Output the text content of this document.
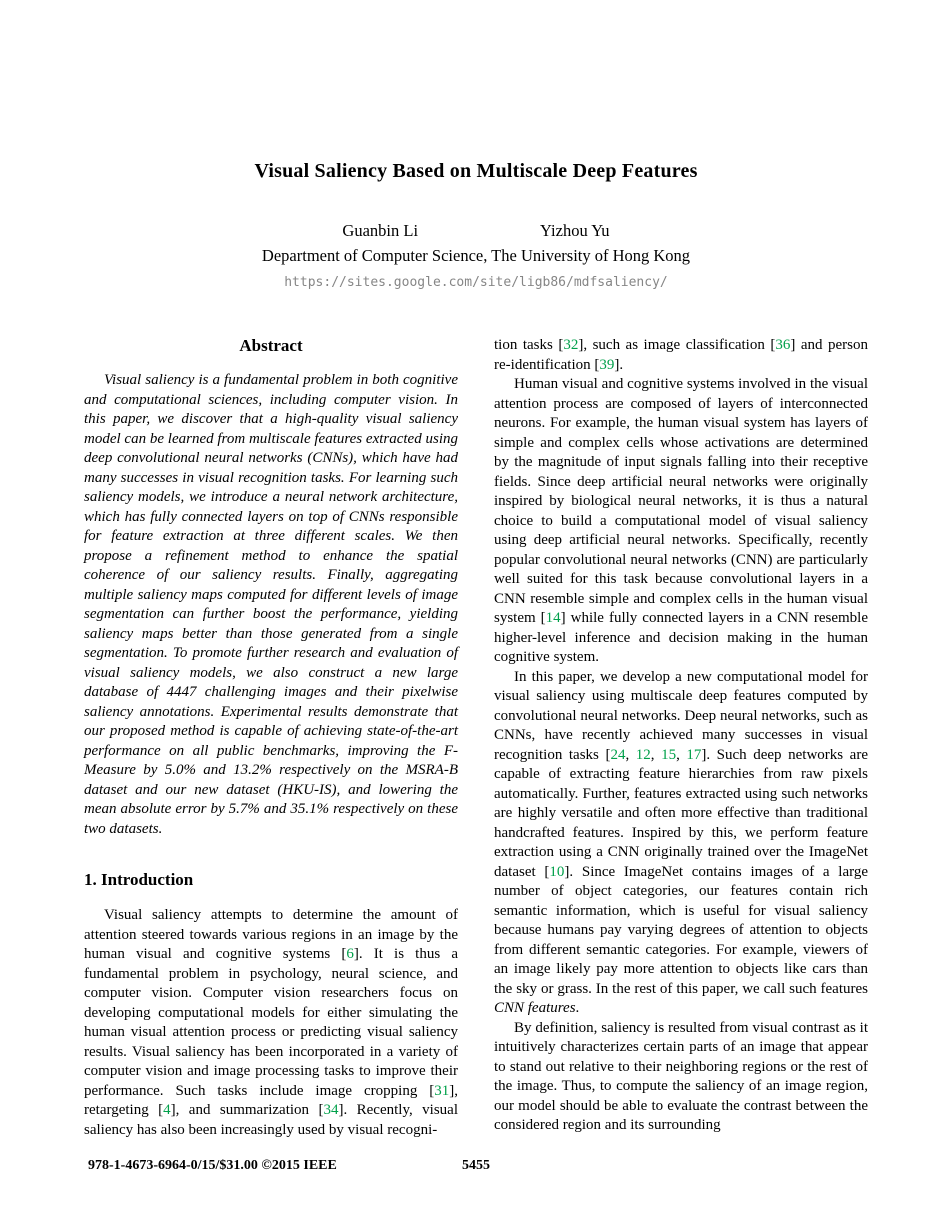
Visual Saliency Based on Multiscale Deep Features
Guanbin Li	Yizhou Yu
Department of Computer Science, The University of Hong Kong
https://sites.google.com/site/ligb86/mdfsaliency/
Abstract

Visual saliency is a fundamental problem in both cognitive and computational sciences, including computer vision. In this paper, we discover that a high-quality visual saliency model can be learned from multiscale features extracted using deep convolutional neural networks (CNNs), which have had many successes in visual recognition tasks. For learning such saliency models, we introduce a neural network architecture, which has fully connected layers on top of CNNs responsible for feature extraction at three different scales. We then propose a refinement method to enhance the spatial coherence of our saliency results. Finally, aggregating multiple saliency maps computed for different levels of image segmentation can further boost the performance, yielding saliency maps better than those generated from a single segmentation. To promote further research and evaluation of visual saliency models, we also construct a new large database of 4447 challenging images and their pixelwise saliency annotations. Experimental results demonstrate that our proposed method is capable of achieving state-of-the-art performance on all public benchmarks, improving the F-Measure by 5.0% and 13.2% respectively on the MSRA-B dataset and our new dataset (HKU-IS), and lowering the mean absolute error by 5.7% and 35.1% respectively on these two datasets.

1. Introduction

Visual saliency attempts to determine the amount of attention steered towards various regions in an image by the human visual and cognitive systems [6]. It is thus a fundamental problem in psychology, neural science, and computer vision. Computer vision researchers focus on developing computational models for either simulating the human visual attention process or predicting visual saliency results. Visual saliency has been incorporated in a variety of computer vision and image processing tasks to improve their performance. Such tasks include image cropping [31], retargeting [4], and summarization [34]. Recently, visual saliency has also been increasingly used by visual recogni-

tion tasks [32], such as image classification [36] and person re-identification [39].

Human visual and cognitive systems involved in the visual attention process are composed of layers of interconnected neurons. For example, the human visual system has layers of simple and complex cells whose activations are determined by the magnitude of input signals falling into their receptive fields. Since deep artificial neural networks were originally inspired by biological neural networks, it is thus a natural choice to build a computational model of visual saliency using deep artificial neural networks. Specifically, recently popular convolutional neural networks (CNN) are particularly well suited for this task because convolutional layers in a CNN resemble simple and complex cells in the human visual system [14] while fully connected layers in a CNN resemble higher-level inference and decision making in the human cognitive system.

In this paper, we develop a new computational model for visual saliency using multiscale deep features computed by convolutional neural networks. Deep neural networks, such as CNNs, have recently achieved many successes in visual recognition tasks [24, 12, 15, 17]. Such deep networks are capable of extracting feature hierarchies from raw pixels automatically. Further, features extracted using such networks are highly versatile and often more effective than traditional handcrafted features. Inspired by this, we perform feature extraction using a CNN originally trained over the ImageNet dataset [10]. Since ImageNet contains images of a large number of object categories, our features contain rich semantic information, which is useful for visual saliency because humans pay varying degrees of attention to objects from different semantic categories. For example, viewers of an image likely pay more attention to objects like cars than the sky or grass. In the rest of this paper, we call such features CNN features.

By definition, saliency is resulted from visual contrast as it intuitively characterizes certain parts of an image that appear to stand out relative to their neighboring regions or the rest of the image. Thus, to compute the saliency of an image region, our model should be able to evaluate the contrast between the considered region and its surrounding

978-1-4673-6964-0/15/$31.00 ©2015 IEEE	5455
